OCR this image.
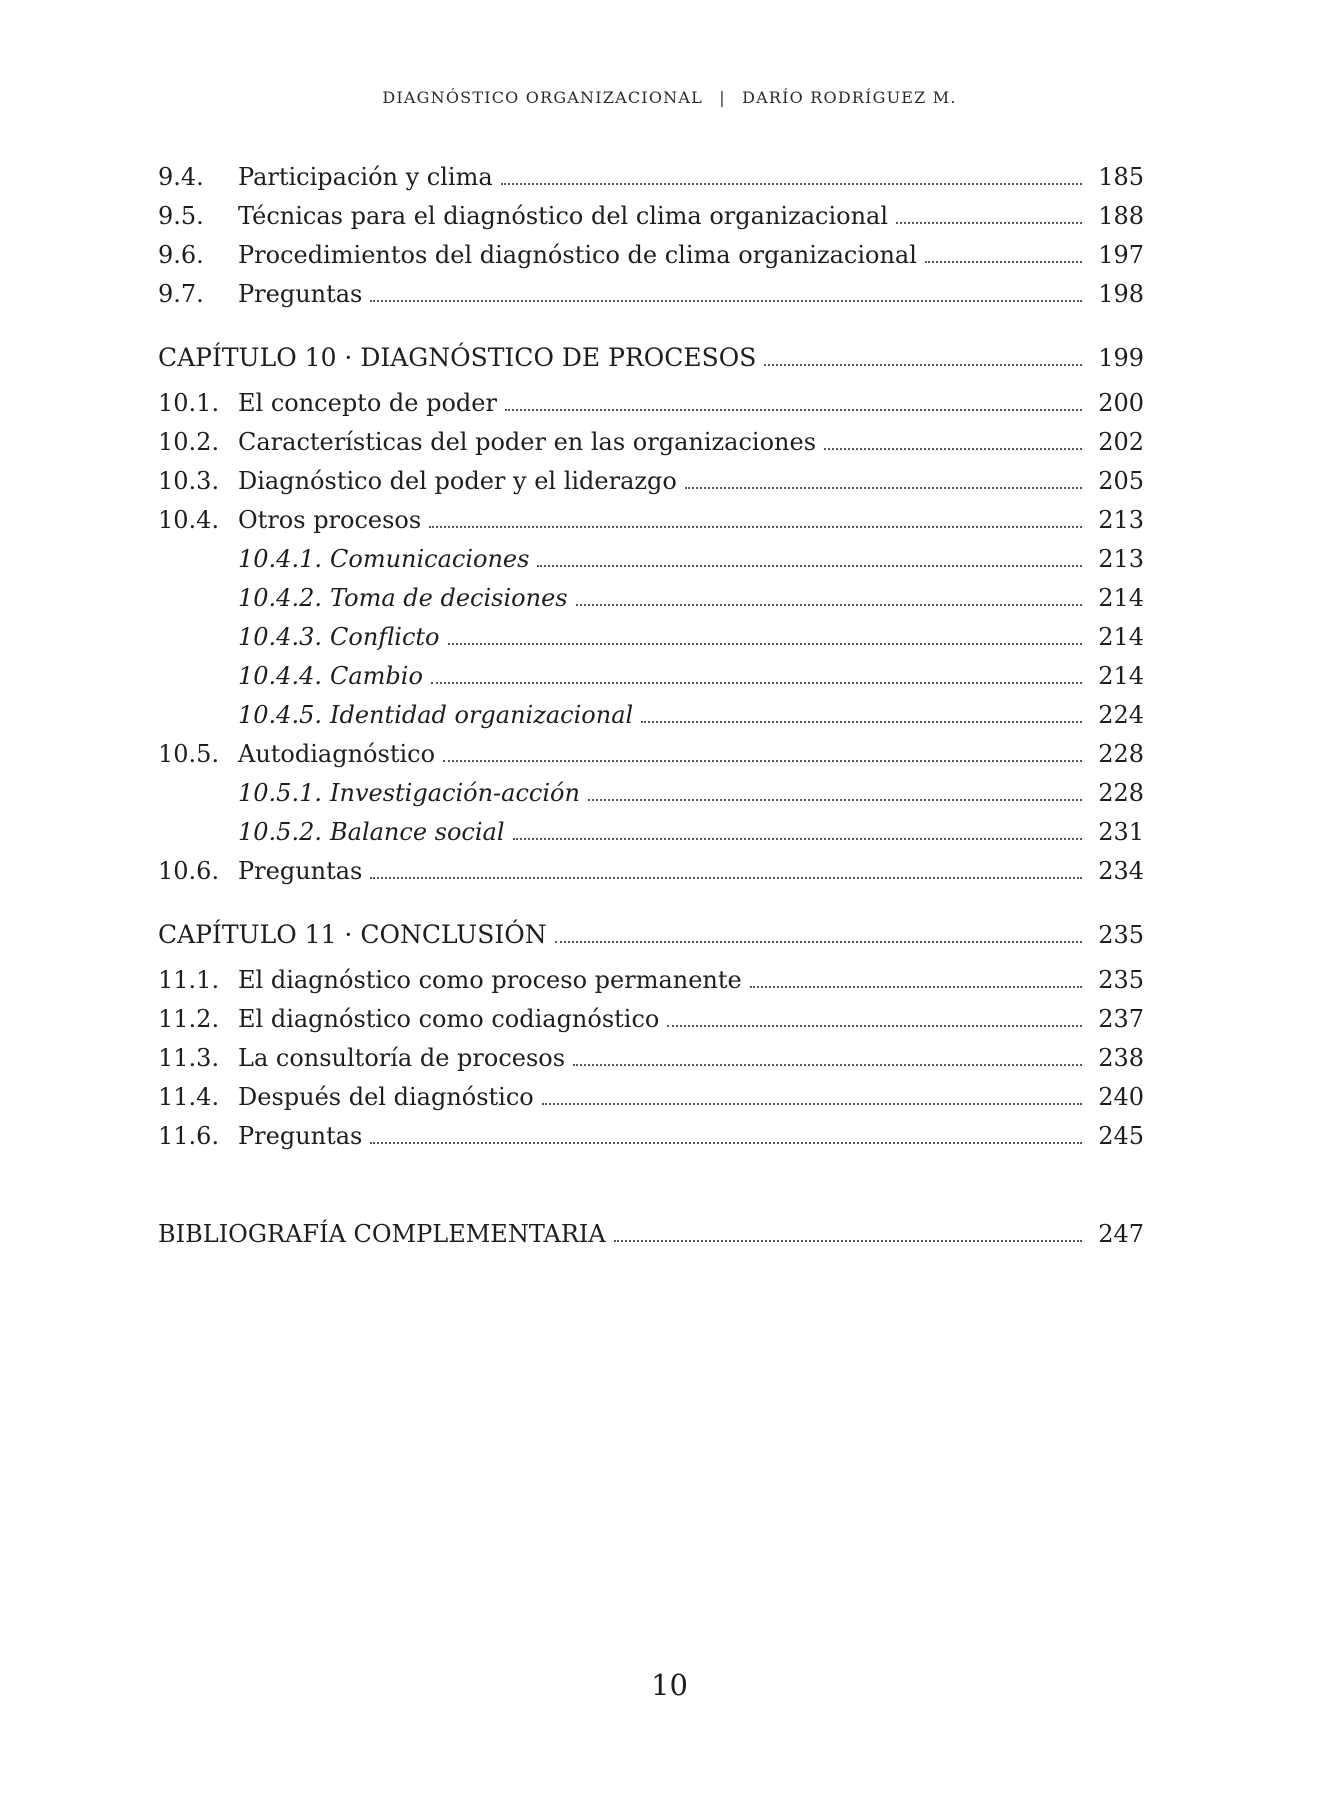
DIAGNÓSTICO ORGANIZACIONAL | DARÍO RODRÍGUEZ M.
9.4.	Participación y clima	185
9.5.	Técnicas para el diagnóstico del clima organizacional	188
9.6.	Procedimientos del diagnóstico de clima organizacional	197
9.7.	Preguntas	198
CAPÍTULO 10 · DIAGNÓSTICO DE PROCESOS	199
10.1. El concepto de poder	200
10.2. Características del poder en las organizaciones	202
10.3. Diagnóstico del poder y el liderazgo	205
10.4. Otros procesos	213
10.4.1. Comunicaciones	213
10.4.2. Toma de decisiones	214
10.4.3. Conflicto	214
10.4.4. Cambio	214
10.4.5. Identidad organizacional	224
10.5. Autodiagnóstico	228
10.5.1. Investigación-acción	228
10.5.2. Balance social	231
10.6. Preguntas	234
CAPÍTULO 11 · CONCLUSIÓN	235
11.1. El diagnóstico como proceso permanente	235
11.2. El diagnóstico como codiagnóstico	237
11.3. La consultoría de procesos	238
11.4. Después del diagnóstico	240
11.6. Preguntas	245
BIBLIOGRAFÍA COMPLEMENTARIA	247
10
